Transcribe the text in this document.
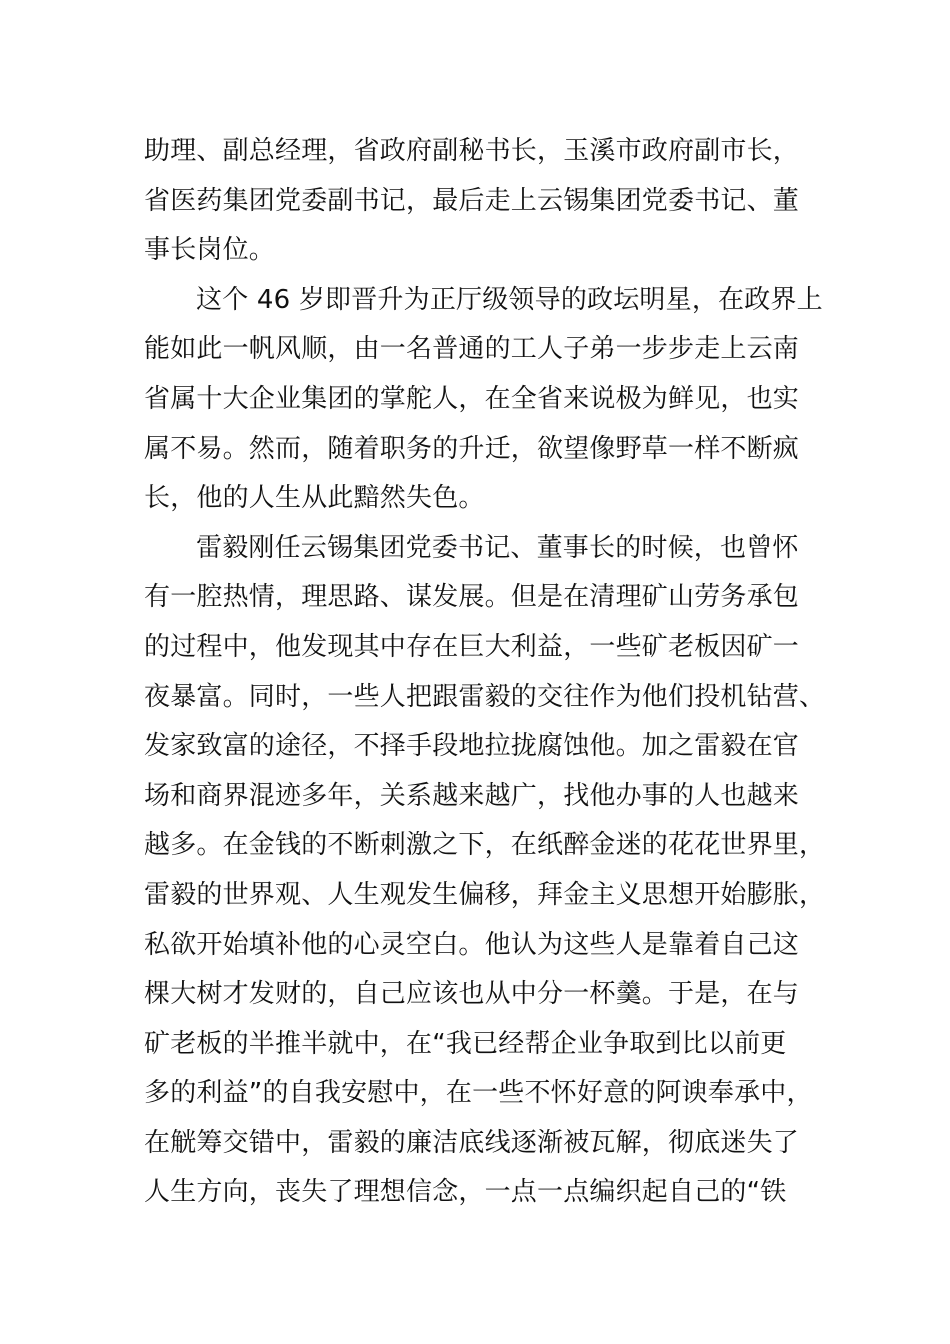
助理、副总经理，省政府副秘书长，玉溪市政府副市长，
省医药集团党委副书记，最后走上云锡集团党委书记、董
事长岗位。
这个 46 岁即晋升为正厅级领导的政坛明星，在政界上
能如此一帆风顺，由一名普通的工人子弟一步步走上云南
省属十大企业集团的掌舵人，在全省来说极为鲜见，也实
属不易。然而，随着职务的升迁，欲望像野草一样不断疯
长，他的人生从此黯然失色。
雷毅刚任云锡集团党委书记、董事长的时候，也曾怀
有一腔热情，理思路、谋发展。但是在清理矿山劳务承包
的过程中，他发现其中存在巨大利益，一些矿老板因矿一
夜暴富。同时，一些人把跟雷毅的交往作为他们投机钻营、
发家致富的途径，不择手段地拉拢腐蚀他。加之雷毅在官
场和商界混迹多年，关系越来越广，找他办事的人也越来
越多。在金钱的不断刺激之下，在纸醉金迷的花花世界里，
雷毅的世界观、人生观发生偏移，拜金主义思想开始膨胀，
私欲开始填补他的心灵空白。他认为这些人是靠着自己这
棵大树才发财的，自己应该也从中分一杯羹。于是，在与
矿老板的半推半就中，在“我已经帮企业争取到比以前更
多的利益”的自我安慰中，在一些不怀好意的阿谀奉承中，
在觥筹交错中，雷毅的廉洁底线逐渐被瓦解，彻底迷失了
人生方向，丧失了理想信念，一点一点编织起自己的“铁
